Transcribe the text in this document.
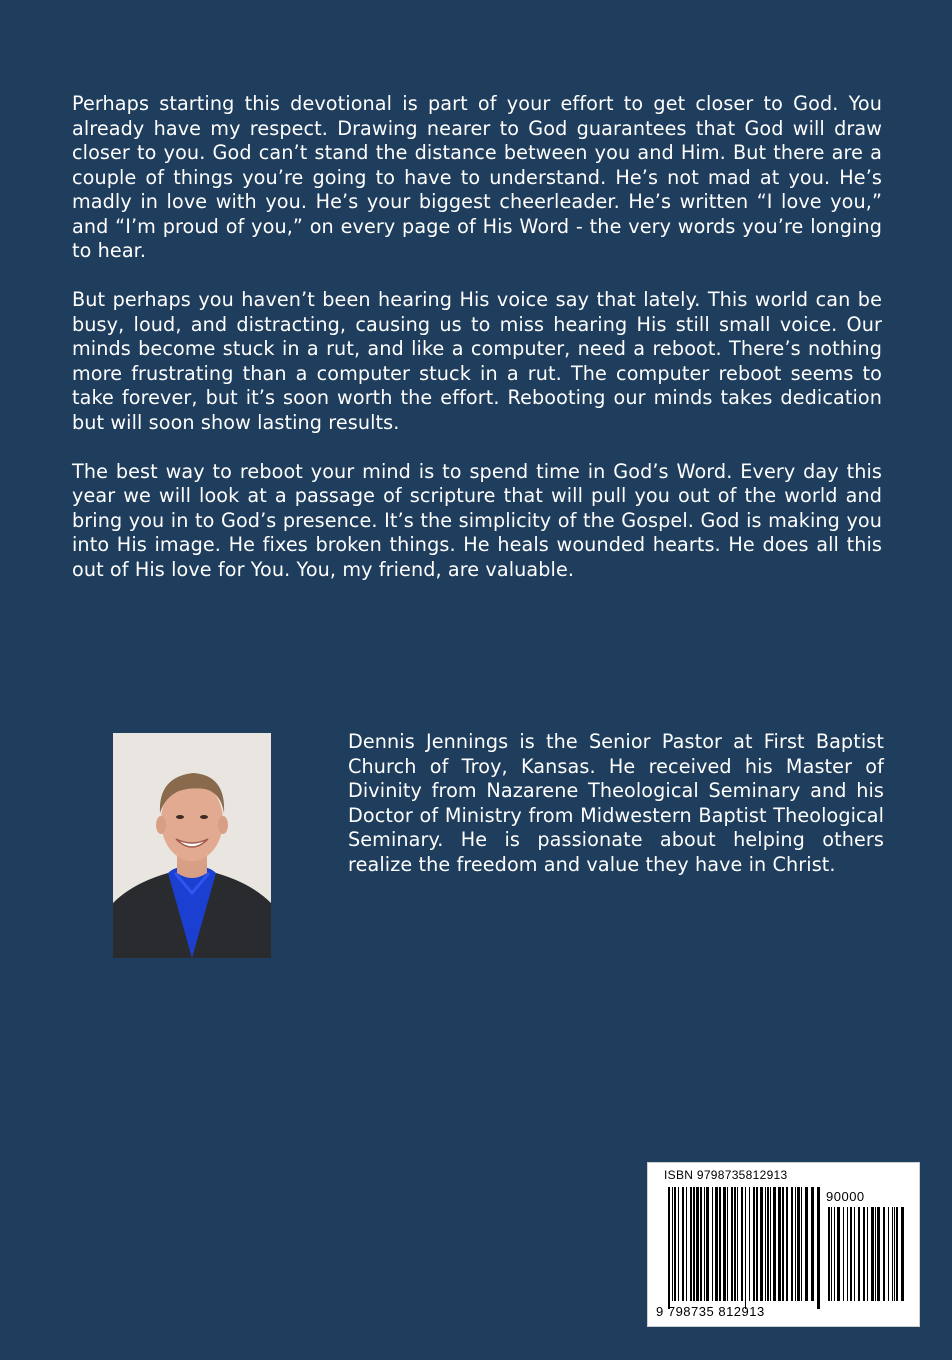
Perhaps starting this devotional is part of your effort to get closer to God. You already have my respect. Drawing nearer to God guarantees that God will draw closer to you. God can’t stand the distance between you and Him. But there are a couple of things you’re going to have to understand. He’s not mad at you. He’s madly in love with you. He’s your biggest cheerleader. He’s written “I love you,” and “I’m proud of you,” on every page of His Word - the very words you’re longing to hear.

But perhaps you haven’t been hearing His voice say that lately. This world can be busy, loud, and distracting, causing us to miss hearing His still small voice. Our minds become stuck in a rut, and like a computer, need a reboot. There’s nothing more frustrating than a computer stuck in a rut. The computer reboot seems to take forever, but it’s soon worth the effort. Rebooting our minds takes dedication but will soon show lasting results.

The best way to reboot your mind is to spend time in God’s Word. Every day this year we will look at a passage of scripture that will pull you out of the world and bring you in to God’s presence. It’s the simplicity of the Gospel. God is making you into His image. He fixes broken things. He heals wounded hearts. He does all this out of His love for You. You, my friend, are valuable.

Dennis Jennings is the Senior Pastor at First Baptist Church of Troy, Kansas. He received his Master of Divinity from Nazarene Theological Seminary and his Doctor of Ministry from Midwestern Baptist Theological Seminary. He is passionate about helping others realize the freedom and value they have in Christ.
ISBN 9798735812913
90000
9 798735 812913
